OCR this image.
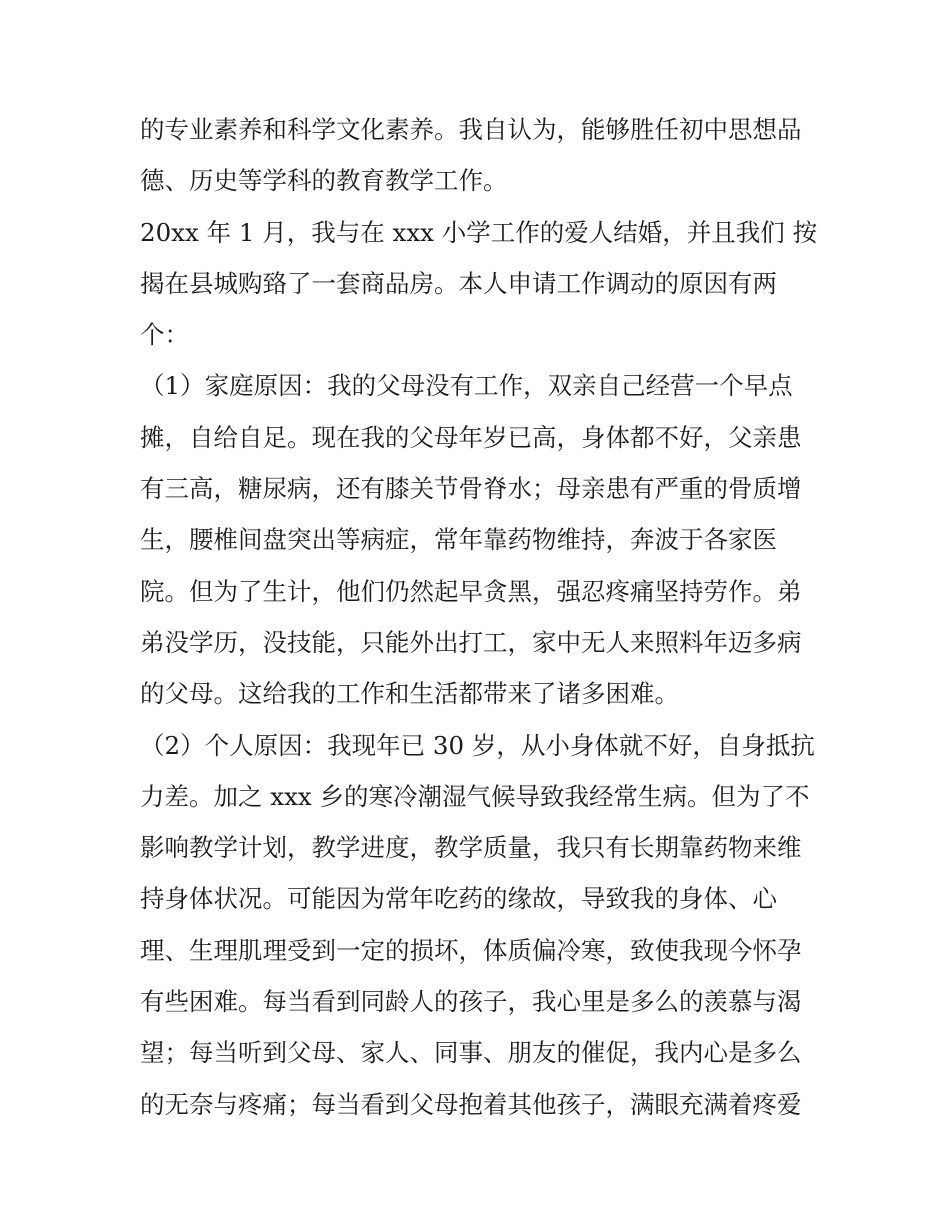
的专业素养和科学文化素养。我自认为，能够胜任初中思想品
德、历史等学科的教育教学工作。
20xx 年 1 月，我与在 xxx 小学工作的爱人结婚，并且我们 按
揭在县城购臵了一套商品房。本人申请工作调动的原因有两
个：
（1）家庭原因：我的父母没有工作，双亲自己经营一个早点
摊，自给自足。现在我的父母年岁已高，身体都不好，父亲患
有三高，糖尿病，还有膝关节骨脊水；母亲患有严重的骨质增
生，腰椎间盘突出等病症，常年靠药物维持，奔波于各家医
院。但为了生计，他们仍然起早贪黑，强忍疼痛坚持劳作。弟
弟没学历，没技能，只能外出打工，家中无人来照料年迈多病
的父母。这给我的工作和生活都带来了诸多困难。
（2）个人原因：我现年已 30 岁，从小身体就不好，自身抵抗
力差。加之 xxx 乡的寒冷潮湿气候导致我经常生病。但为了不
影响教学计划，教学进度，教学质量，我只有长期靠药物来维
持身体状况。可能因为常年吃药的缘故，导致我的身体、心
理、生理肌理受到一定的损坏，体质偏冷寒，致使我现今怀孕
有些困难。每当看到同龄人的孩子，我心里是多么的羡慕与渴
望；每当听到父母、家人、同事、朋友的催促，我内心是多么
的无奈与疼痛；每当看到父母抱着其他孩子，满眼充满着疼爱
